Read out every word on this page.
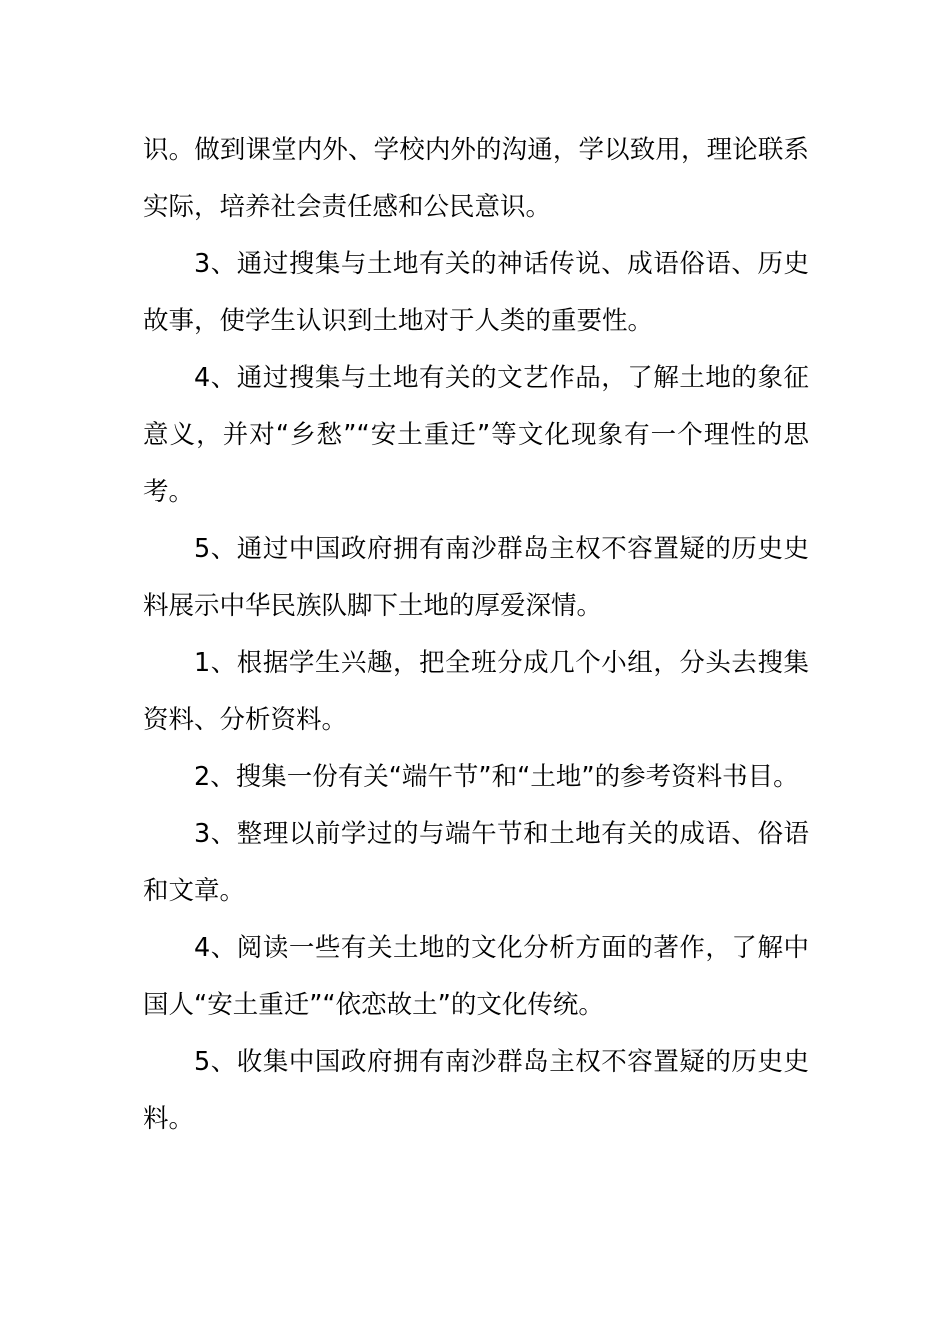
识。做到课堂内外、学校内外的沟通，学以致用，理论联系实际，培养社会责任感和公民意识。

3、通过搜集与土地有关的神话传说、成语俗语、历史故事，使学生认识到土地对于人类的重要性。

4、通过搜集与土地有关的文艺作品，了解土地的象征意义，并对“乡愁”“安土重迁”等文化现象有一个理性的思考。

5、通过中国政府拥有南沙群岛主权不容置疑的历史史料展示中华民族队脚下土地的厚爱深情。

1、根据学生兴趣，把全班分成几个小组，分头去搜集资料、分析资料。

2、搜集一份有关“端午节”和“土地”的参考资料书目。

3、整理以前学过的与端午节和土地有关的成语、俗语和文章。

4、阅读一些有关土地的文化分析方面的著作，了解中国人“安土重迁”“依恋故土”的文化传统。

5、收集中国政府拥有南沙群岛主权不容置疑的历史史料。
